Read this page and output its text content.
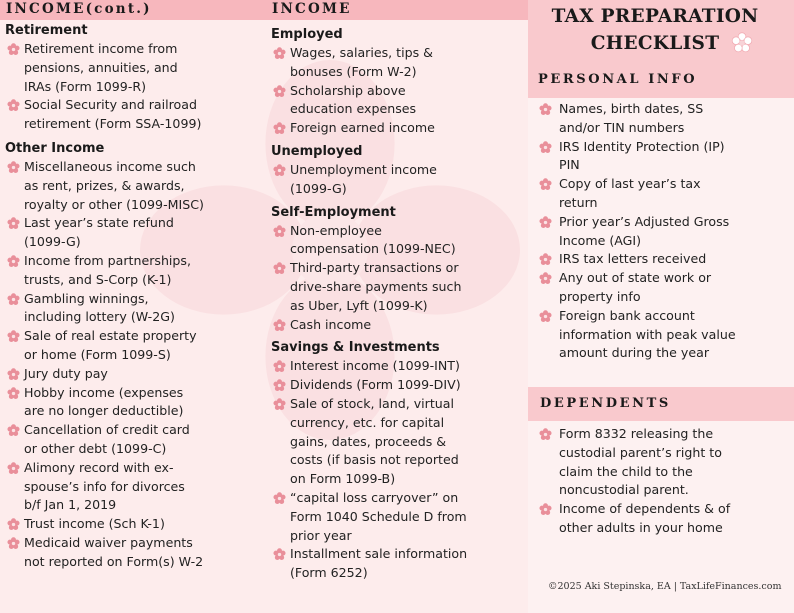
INCOME(cont.)
Retirement
Retirement income from
pensions, annuities, and
IRAs (Form 1099-R)
Social Security and railroad
retirement (Form SSA-1099)
Other Income
Miscellaneous income such
as rent, prizes, & awards,
royalty or other (1099-MISC)
Last year’s state refund
(1099-G)
Income from partnerships,
trusts, and S-Corp (K-1)
Gambling winnings,
including lottery (W-2G)
Sale of real estate property
or home (Form 1099-S)
Jury duty pay
Hobby income (expenses
are no longer deductible)
Cancellation of credit card
or other debt (1099-C)
Alimony record with ex-
spouse’s info for divorces
b/f Jan 1, 2019
Trust income (Sch K-1)
Medicaid waiver payments
not reported on Form(s) W-2
INCOME
Employed
Wages, salaries, tips &
bonuses (Form W-2)
Scholarship above
education expenses
Foreign earned income
Unemployed
Unemployment income
(1099-G)
Self-Employment
Non-employee
compensation (1099-NEC)
Third-party transactions or
drive-share payments such
as Uber, Lyft (1099-K)
Cash income
Savings & Investments
Interest income (1099-INT)
Dividends (Form 1099-DIV)
Sale of stock, land, virtual
currency, etc. for capital
gains, dates, proceeds &
costs (if basis not reported
on Form 1099-B)
“capital loss carryover” on
Form 1040 Schedule D from
prior year
Installment sale information
(Form 6252)
TAX PREPARATION
CHECKLIST
PERSONAL INFO
Names, birth dates, SS
and/or TIN numbers
IRS Identity Protection (IP)
PIN
Copy of last year’s tax
return
Prior year’s Adjusted Gross
Income (AGI)
IRS tax letters received
Any out of state work or
property info
Foreign bank account
information with peak value
amount during the year
DEPENDENTS
Form 8332 releasing the
custodial parent’s right to
claim the child to the
noncustodial parent.
Income of dependents & of
other adults in your home
©2025 Aki Stepinska, EA | TaxLifeFinances.com
